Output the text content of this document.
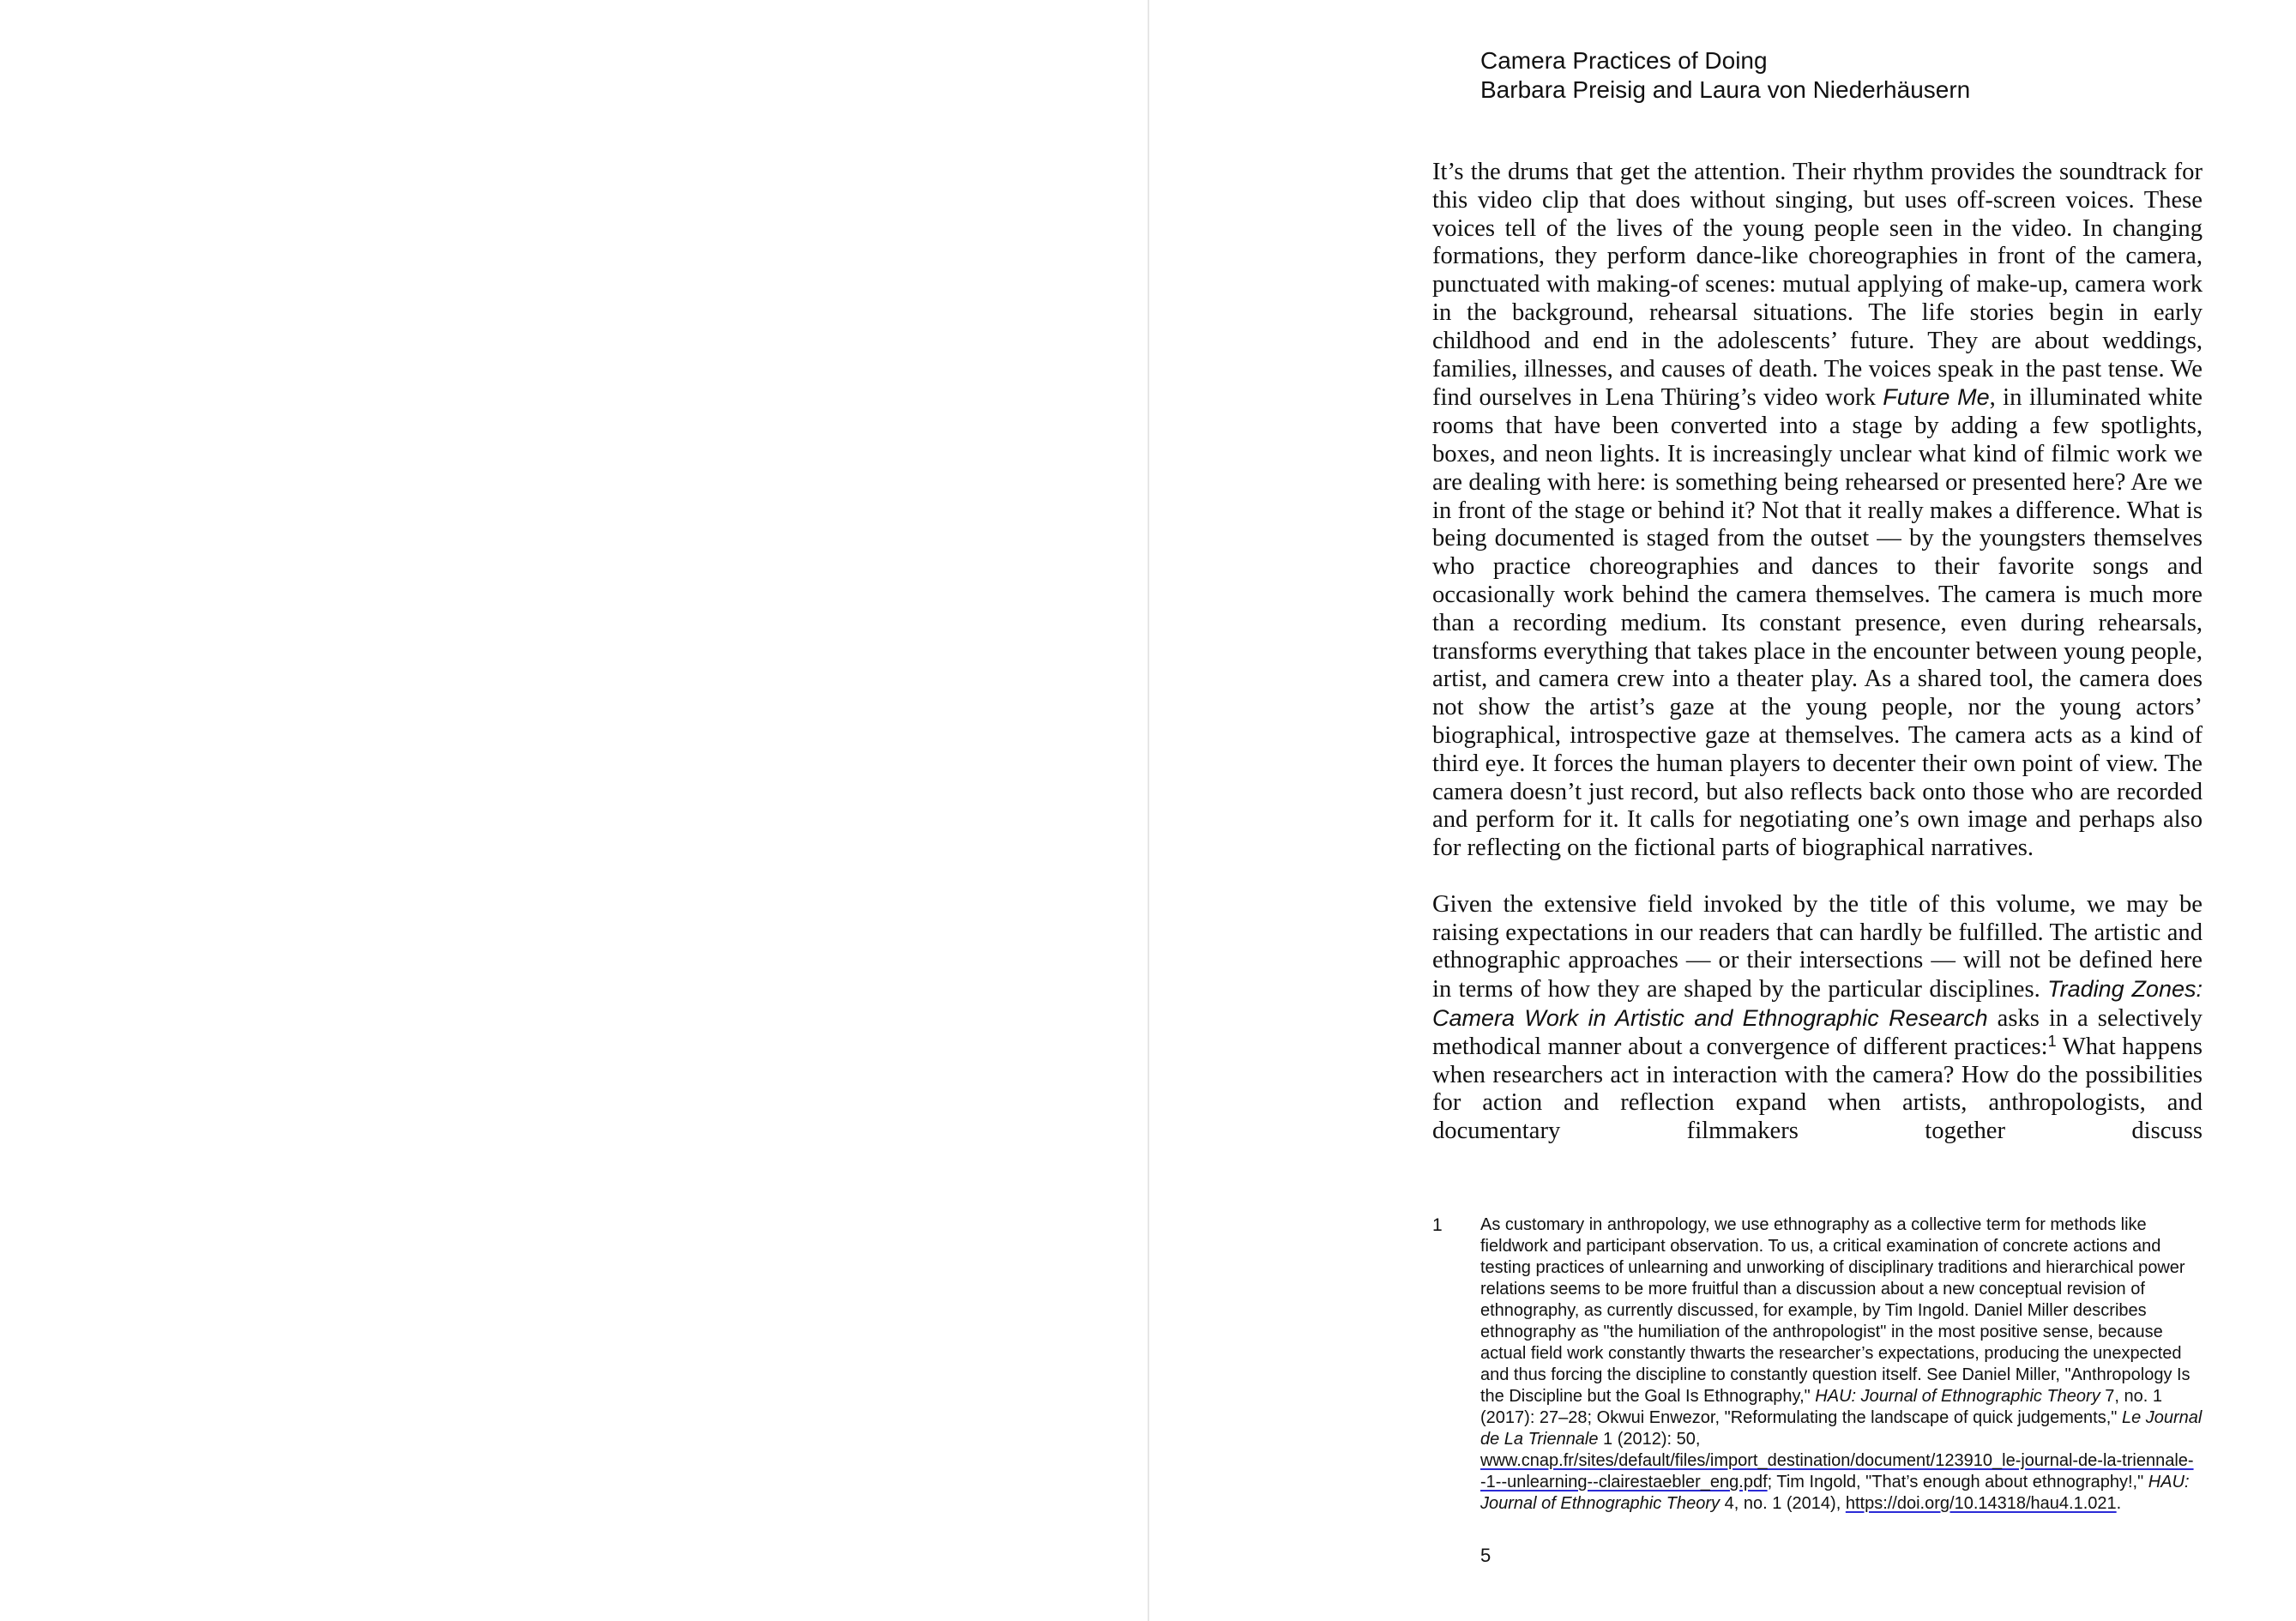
Camera Practices of Doing
Barbara Preisig and Laura von Niederhäusern

It’s the drums that get the attention. Their rhythm provides the soundtrack for this video clip that does without singing, but uses off-screen voices. These voices tell of the lives of the young people seen in the video. In changing formations, they perform dance-like choreographies in front of the camera, punctuated with making-of scenes: mutual applying of make-up, camera work in the background, rehearsal situations. The life stories begin in early childhood and end in the adolescents’ future. They are about weddings, families, illnesses, and causes of death. The voices speak in the past tense. We find ourselves in Lena Thüring’s video work Future Me, in illuminated white rooms that have been converted into a stage by adding a few spotlights, boxes, and neon lights. It is increasingly unclear what kind of filmic work we are dealing with here: is something being rehearsed or presented here? Are we in front of the stage or behind it? Not that it really makes a difference. What is being documented is staged from the outset — by the youngsters themselves who practice choreographies and dances to their favorite songs and occasionally work behind the camera themselves. The camera is much more than a recording medium. Its constant presence, even during rehearsals, transforms everything that takes place in the encounter between young people, artist, and camera crew into a theater play. As a shared tool, the camera does not show the artist’s gaze at the young people, nor the young actors’ biographical, introspective gaze at themselves. The camera acts as a kind of third eye. It forces the human players to decenter their own point of view. The camera doesn’t just record, but also reflects back onto those who are recorded and perform for it. It calls for negotiating one’s own image and perhaps also for reflecting on the fictional parts of biographical narratives.

Given the extensive field invoked by the title of this volume, we may be raising expectations in our readers that can hardly be fulfilled. The artistic and ethnographic approaches — or their intersections — will not be defined here in terms of how they are shaped by the particular disciplines. Trading Zones: Camera Work in Artistic and Ethnographic Research asks in a selectively methodical manner about a convergence of different practices:$^1$ What happens when researchers act in interaction with the camera? How do the possibilities for action and reflection expand when artists, anthropologists, and documentary filmmakers together discuss

1 As customary in anthropology, we use ethnography as a collective term for methods like fieldwork and participant observation. To us, a critical examination of concrete actions and testing practices of unlearning and unworking of disciplinary traditions and hierarchical power relations seems to be more fruitful than a discussion about a new conceptual revision of ethnography, as currently discussed, for example, by Tim Ingold. Daniel Miller describes ethnography as "the humiliation of the anthropologist" in the most positive sense, because actual field work constantly thwarts the researcher’s expectations, producing the unexpected and thus forcing the discipline to constantly question itself. See Daniel Miller, "Anthropology Is the Discipline but the Goal Is Ethnography," HAU: Journal of Ethnographic Theory 7, no. 1 (2017): 27–28; Okwui Enwezor, "Reformulating the landscape of quick judgements," Le Journal de La Triennale 1 (2012): 50, www.cnap.fr/sites/default/files/import_destination/document/123910_le-journal-de-la-triennale--1--unlearning--clairestaebler_eng.pdf; Tim Ingold, "That’s enough about ethnography!," HAU: Journal of Ethnographic Theory 4, no. 1 (2014), https://doi.org/10.14318/hau4.1.021.
5
